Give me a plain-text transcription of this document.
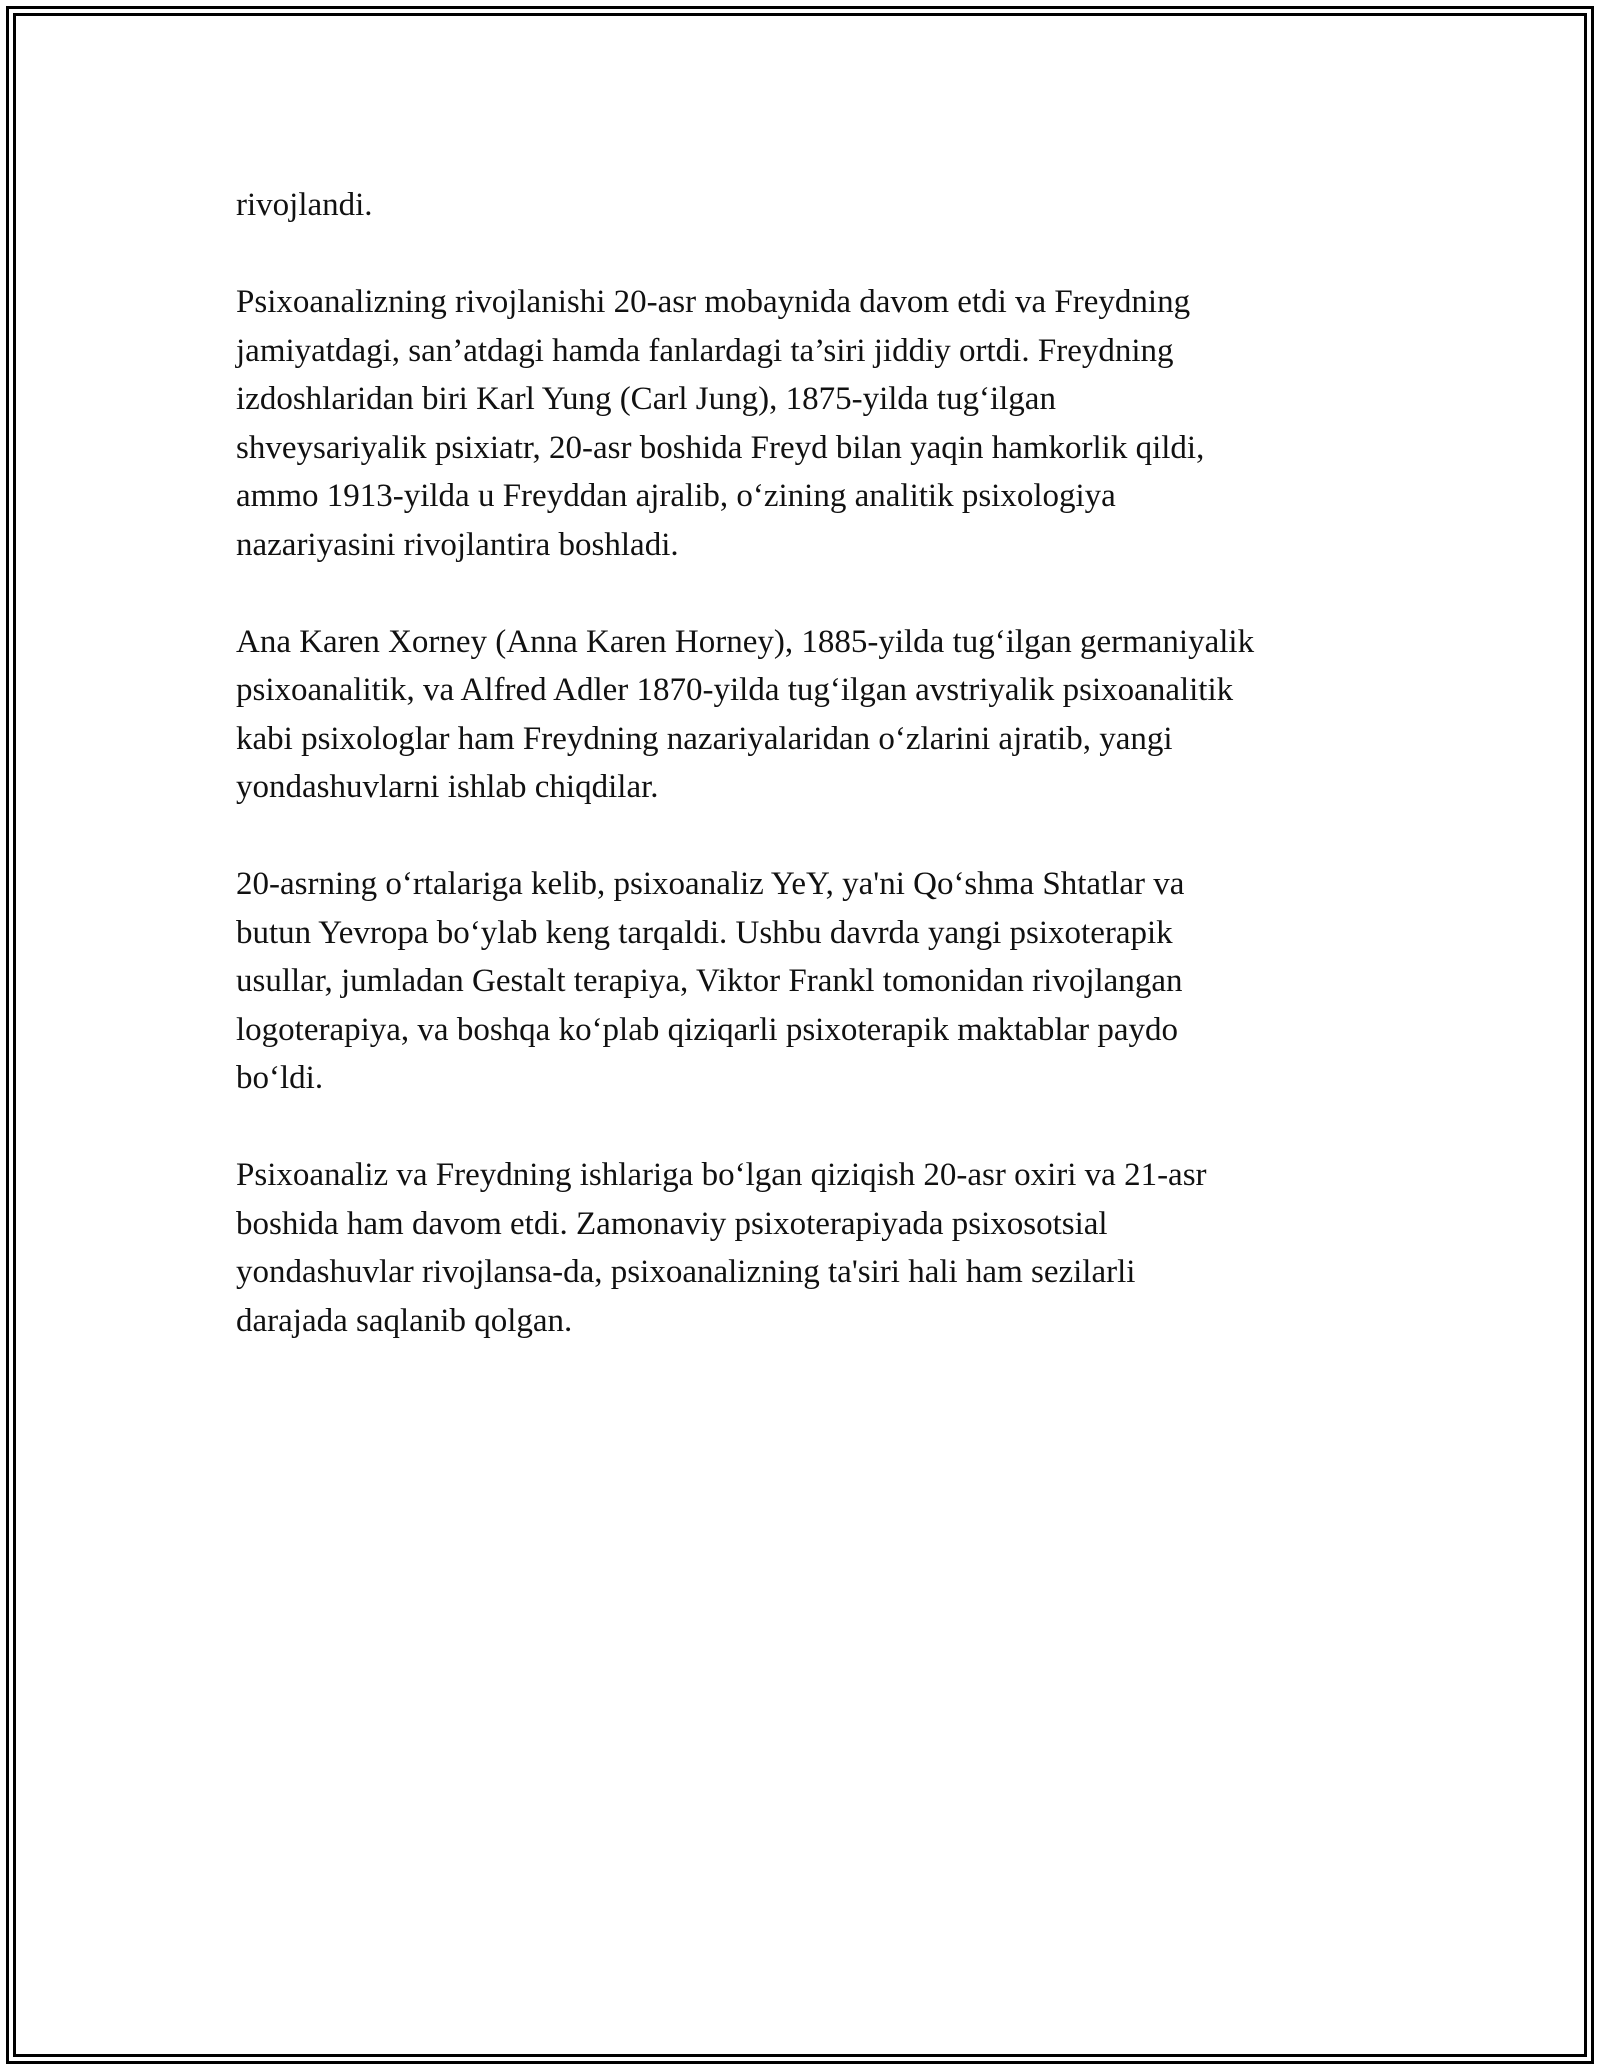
rivojlandi.

Psixoanalizning rivojlanishi 20-asr mobaynida davom etdi va Freydning
jamiyatdagi, san’atdagi hamda fanlardagi ta’siri jiddiy ortdi. Freydning
izdoshlaridan biri Karl Yung (Carl Jung), 1875-yilda tug‘ilgan
shveysariyalik psixiatr, 20-asr boshida Freyd bilan yaqin hamkorlik qildi,
ammo 1913-yilda u Freyddan ajralib, o‘zining analitik psixologiya
nazariyasini rivojlantira boshladi.

Ana Karen Xorney (Anna Karen Horney), 1885-yilda tug‘ilgan germaniyalik
psixoanalitik, va Alfred Adler 1870-yilda tug‘ilgan avstriyalik psixoanalitik
kabi psixologlar ham Freydning nazariyalaridan o‘zlarini ajratib, yangi
yondashuvlarni ishlab chiqdilar.

20-asrning o‘rtalariga kelib, psixoanaliz YeY, ya'ni Qo‘shma Shtatlar va
butun Yevropa bo‘ylab keng tarqaldi. Ushbu davrda yangi psixoterapik
usullar, jumladan Gestalt terapiya, Viktor Frankl tomonidan rivojlangan
logoterapiya, va boshqa ko‘plab qiziqarli psixoterapik maktablar paydo
bo‘ldi.

Psixoanaliz va Freydning ishlariga bo‘lgan qiziqish 20-asr oxiri va 21-asr
boshida ham davom etdi. Zamonaviy psixoterapiyada psixosotsial
yondashuvlar rivojlansa-da, psixoanalizning ta'siri hali ham sezilarli
darajada saqlanib qolgan.
